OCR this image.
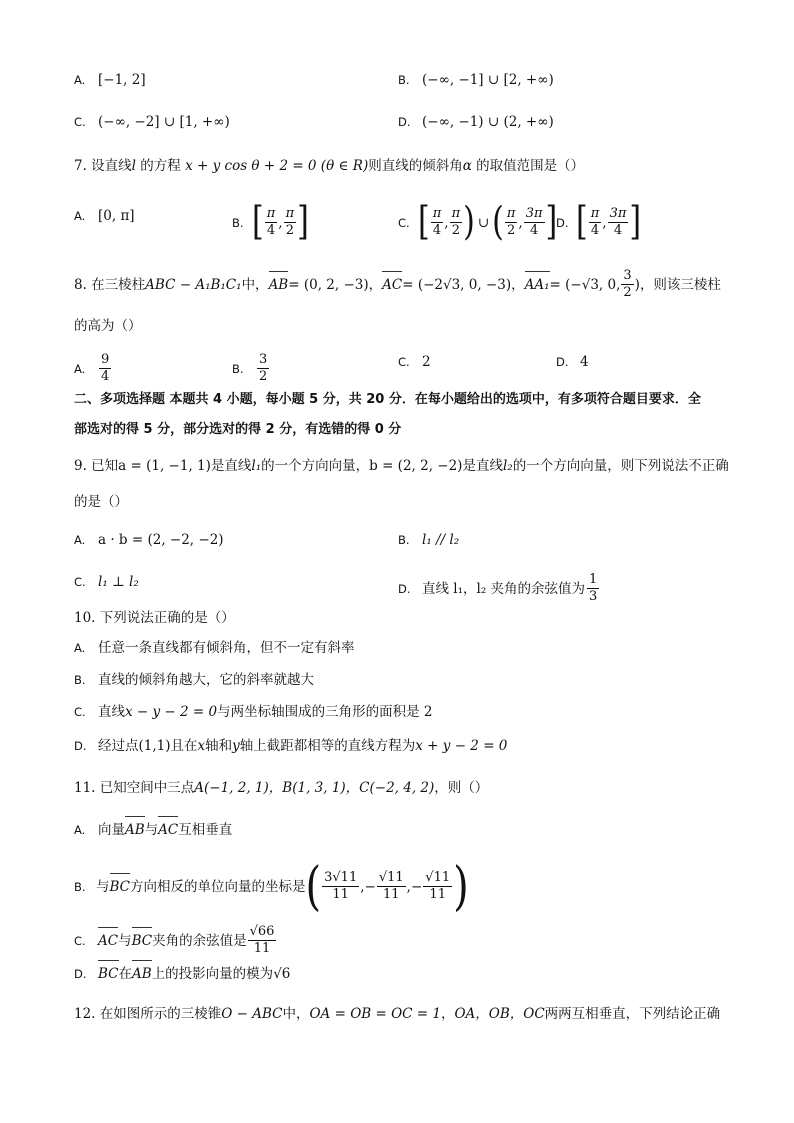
A. [−1, 2]	B. (−∞, −1] ∪ [2, +∞)
C. (−∞, −2] ∪ [1, +∞)	D. (−∞, −1) ∪ (2, +∞)
7. 设直线l 的方程 x + y cos θ + 2 = 0 (θ ∈ R)则直线的倾斜角α 的取值范围是（）
A. [0, π]	B. [ $\frac{\pi}{4}$ , $\frac{\pi}{2}$ ]	C. [ $\frac{\pi}{4}$ , $\frac{\pi}{2}$ ) ∪ ( $\frac{\pi}{2}$ , $\frac{3\pi}{4}$ ]
D. [ $\frac{\pi}{4}$ , $\frac{3\pi}{4}$ ]
8. 在三棱柱 ABC − A₁B₁C₁ 中， AB = (0, 2, −3)， AC = (−2√3, 0, −3)， AA₁ = (−√3, 0, $\frac{3}{2}$ ) ，则该三棱柱
的高为（）
A. $\frac{9}{4}$	B. $\frac{3}{2}$	C. 2	D. 4
二、多项选择题 本题共 4 小题，每小题 5 分，共 20 分．在每小题给出的选项中，有多项符合题目要求．全
部选对的得 5 分，部分选对的得 2 分，有选错的得 0 分
9. 已知a = (1, −1, 1)是直线l₁的一个方向向量，b = (2, 2, −2)是直线l₂的一个方向向量，则下列说法不正确
的是（）
A. a · b = (2, −2, −2)	B. l₁ // l₂
C. l₁ ⊥ l₂	D. 直线 l₁，l₂ 夹角的余弦值为 $\frac{1}{3}$
10. 下列说法正确的是（）
A. 任意一条直线都有倾斜角，但不一定有斜率
B. 直线的倾斜角越大，它的斜率就越大
C. 直线x − y − 2 = 0与两坐标轴围成的三角形的面积是 2
D. 经过点(1,1)且在x轴和y轴上截距都相等的直线方程为x + y − 2 = 0
11. 已知空间中三点A(−1, 2, 1)，B(1, 3, 1)，C(−2, 4, 2)，则（）
A. 向量AB与AC互相垂直
B. 与 BC 方向相反的单位向量的坐标是 ( $\frac{3√11}{11}$ , − $\frac{√11}{11}$ , − $\frac{√11}{11}$ )
C. AC 与 BC 夹角的余弦值是 $\frac{√66}{11}$
D. BC在AB上的投影向量的模为√6
12. 在如图所示的三棱锥O − ABC中，OA = OB = OC = 1，OA，OB，OC两两互相垂直，下列结论正确
